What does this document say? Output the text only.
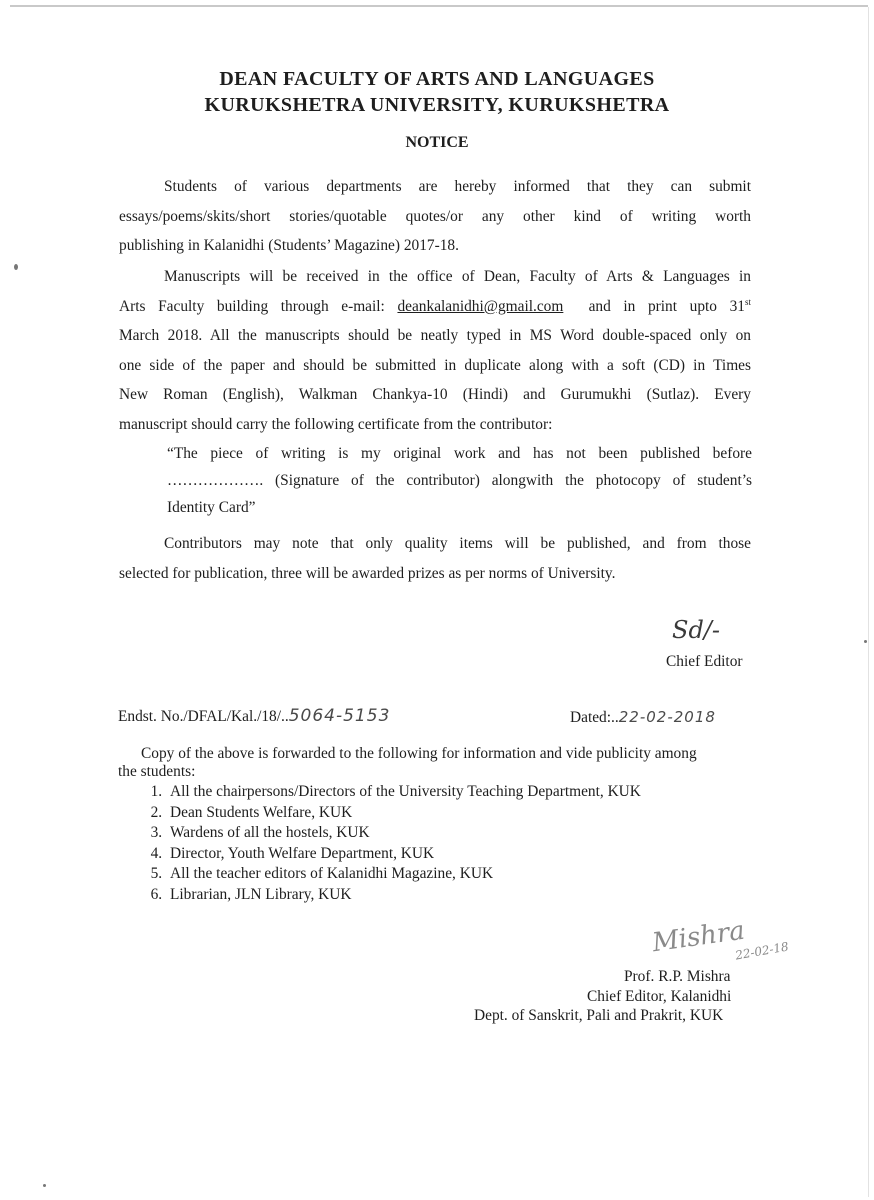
DEAN FACULTY OF ARTS AND LANGUAGES
KURUKSHETRA UNIVERSITY, KURUKSHETRA
NOTICE
Students of various departments are hereby informed that they can submit
essays/poems/skits/short stories/quotable quotes/or any other kind of writing worth
publishing in Kalanidhi (Students’ Magazine) 2017-18.
Manuscripts will be received in the office of Dean, Faculty of Arts & Languages in
Arts Faculty building through e-mail: deankalanidhi@gmail.com and in print upto 31st
March 2018. All the manuscripts should be neatly typed in MS Word double-spaced only on
one side of the paper and should be submitted in duplicate along with a soft (CD) in Times
New Roman (English), Walkman Chankya-10 (Hindi) and Gurumukhi (Sutlaz). Every
manuscript should carry the following certificate from the contributor:
“The piece of writing is my original work and has not been published before
………………. (Signature of the contributor) alongwith the photocopy of student’s
Identity Card”
Contributors may note that only quality items will be published, and from those
selected for publication, three will be awarded prizes as per norms of University.
Sd/-
Chief Editor
Endst. No./DFAL/Kal./18/..5064-5153	Dated:..22-02-2018
Copy of the above is forwarded to the following for information and vide publicity among
the students:
1. All the chairpersons/Directors of the University Teaching Department, KUK
2. Dean Students Welfare, KUK
3. Wardens of all the hostels, KUK
4. Director, Youth Welfare Department, KUK
5. All the teacher editors of Kalanidhi Magazine, KUK
6. Librarian, JLN Library, KUK
Mishra
22-02-18
Prof. R.P. Mishra
Chief Editor, Kalanidhi
Dept. of Sanskrit, Pali and Prakrit, KUK
